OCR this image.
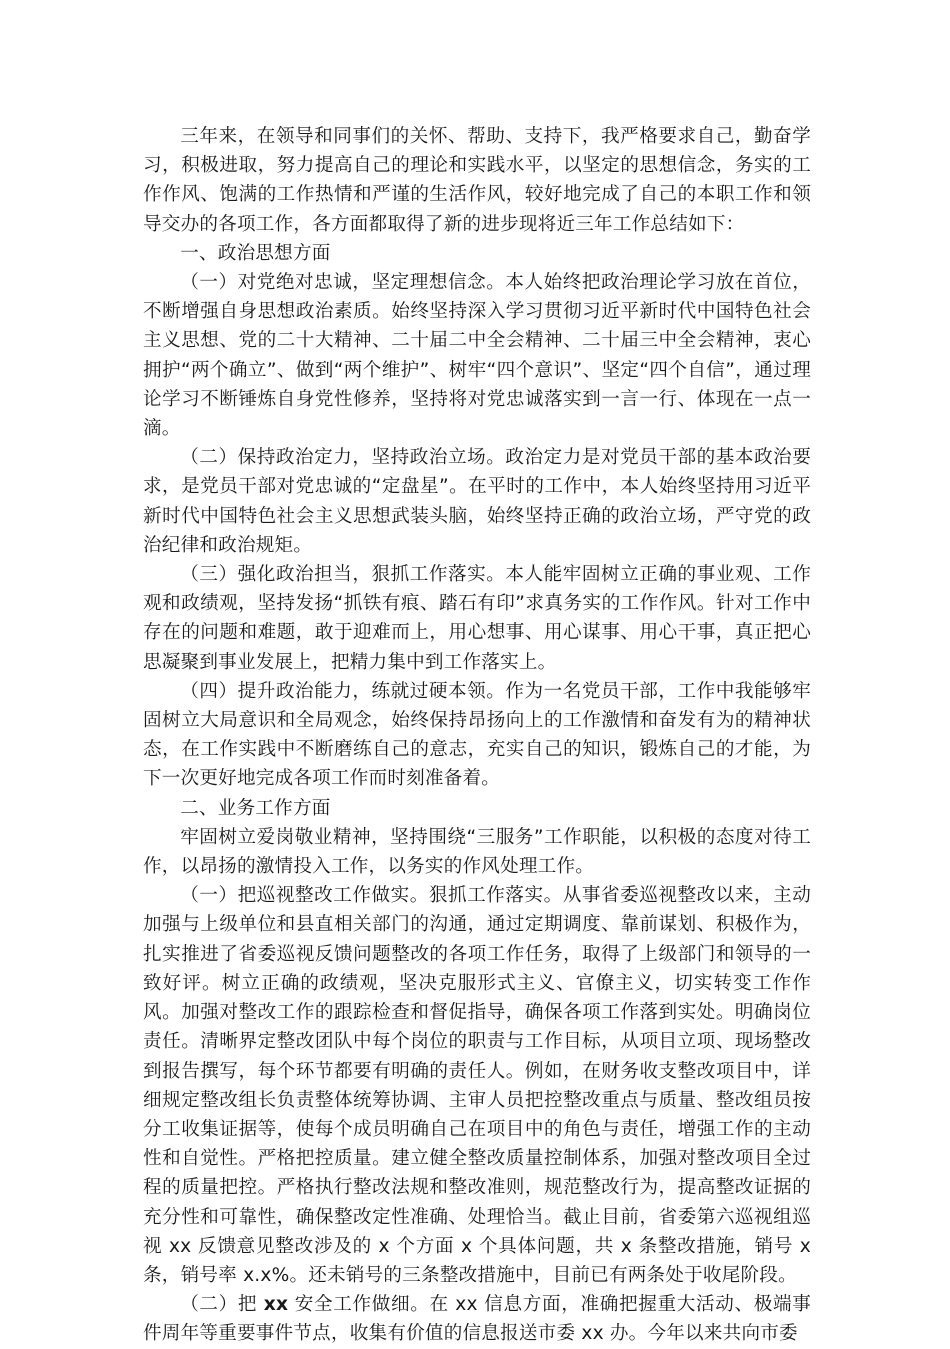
三年来，在领导和同事们的关怀、帮助、支持下，我严格要求自己，勤奋学习，积极进取，努力提高自己的理论和实践水平，以坚定的思想信念，务实的工作作风、饱满的工作热情和严谨的生活作风，较好地完成了自己的本职工作和领导交办的各项工作，各方面都取得了新的进步现将近三年工作总结如下：

一、政治思想方面

（一）对党绝对忠诚，坚定理想信念。本人始终把政治理论学习放在首位，不断增强自身思想政治素质。始终坚持深入学习贯彻习近平新时代中国特色社会主义思想、党的二十大精神、二十届二中全会精神、二十届三中全会精神，衷心拥护“两个确立”、做到“两个维护”、树牢“四个意识”、坚定“四个自信”，通过理论学习不断锤炼自身党性修养，坚持将对党忠诚落实到一言一行、体现在一点一滴。

（二）保持政治定力，坚持政治立场。政治定力是对党员干部的基本政治要求，是党员干部对党忠诚的“定盘星”。在平时的工作中，本人始终坚持用习近平新时代中国特色社会主义思想武装头脑，始终坚持正确的政治立场，严守党的政治纪律和政治规矩。

（三）强化政治担当，狠抓工作落实。本人能牢固树立正确的事业观、工作观和政绩观，坚持发扬“抓铁有痕、踏石有印”求真务实的工作作风。针对工作中存在的问题和难题，敢于迎难而上，用心想事、用心谋事、用心干事，真正把心思凝聚到事业发展上，把精力集中到工作落实上。

（四）提升政治能力，练就过硬本领。作为一名党员干部，工作中我能够牢固树立大局意识和全局观念，始终保持昂扬向上的工作激情和奋发有为的精神状态，在工作实践中不断磨练自己的意志，充实自己的知识，锻炼自己的才能，为下一次更好地完成各项工作而时刻准备着。

二、业务工作方面

牢固树立爱岗敬业精神，坚持围绕“三服务”工作职能，以积极的态度对待工作，以昂扬的激情投入工作，以务实的作风处理工作。

（一）把巡视整改工作做实。狠抓工作落实。从事省委巡视整改以来，主动加强与上级单位和县直相关部门的沟通，通过定期调度、靠前谋划、积极作为，扎实推进了省委巡视反馈问题整改的各项工作任务，取得了上级部门和领导的一致好评。树立正确的政绩观，坚决克服形式主义、官僚主义，切实转变工作作风。加强对整改工作的跟踪检查和督促指导，确保各项工作落到实处。明确岗位责任。清晰界定整改团队中每个岗位的职责与工作目标，从项目立项、现场整改到报告撰写，每个环节都要有明确的责任人。例如，在财务收支整改项目中，详细规定整改组长负责整体统筹协调、主审人员把控整改重点与质量、整改组员按分工收集证据等，使每个成员明确自己在项目中的角色与责任，增强工作的主动性和自觉性。严格把控质量。建立健全整改质量控制体系，加强对整改项目全过程的质量把控。严格执行整改法规和整改准则，规范整改行为，提高整改证据的充分性和可靠性，确保整改定性准确、处理恰当。截止目前，省委第六巡视组巡视 xx 反馈意见整改涉及的 x 个方面 x 个具体问题，共 x 条整改措施，销号 x 条，销号率 x.x%。还未销号的三条整改措施中，目前已有两条处于收尾阶段。

（二）把 xx 安全工作做细。在 xx 信息方面，准确把握重大活动、极端事件周年等重要事件节点，收集有价值的信息报送市委 xx 办。今年以来共向市委
